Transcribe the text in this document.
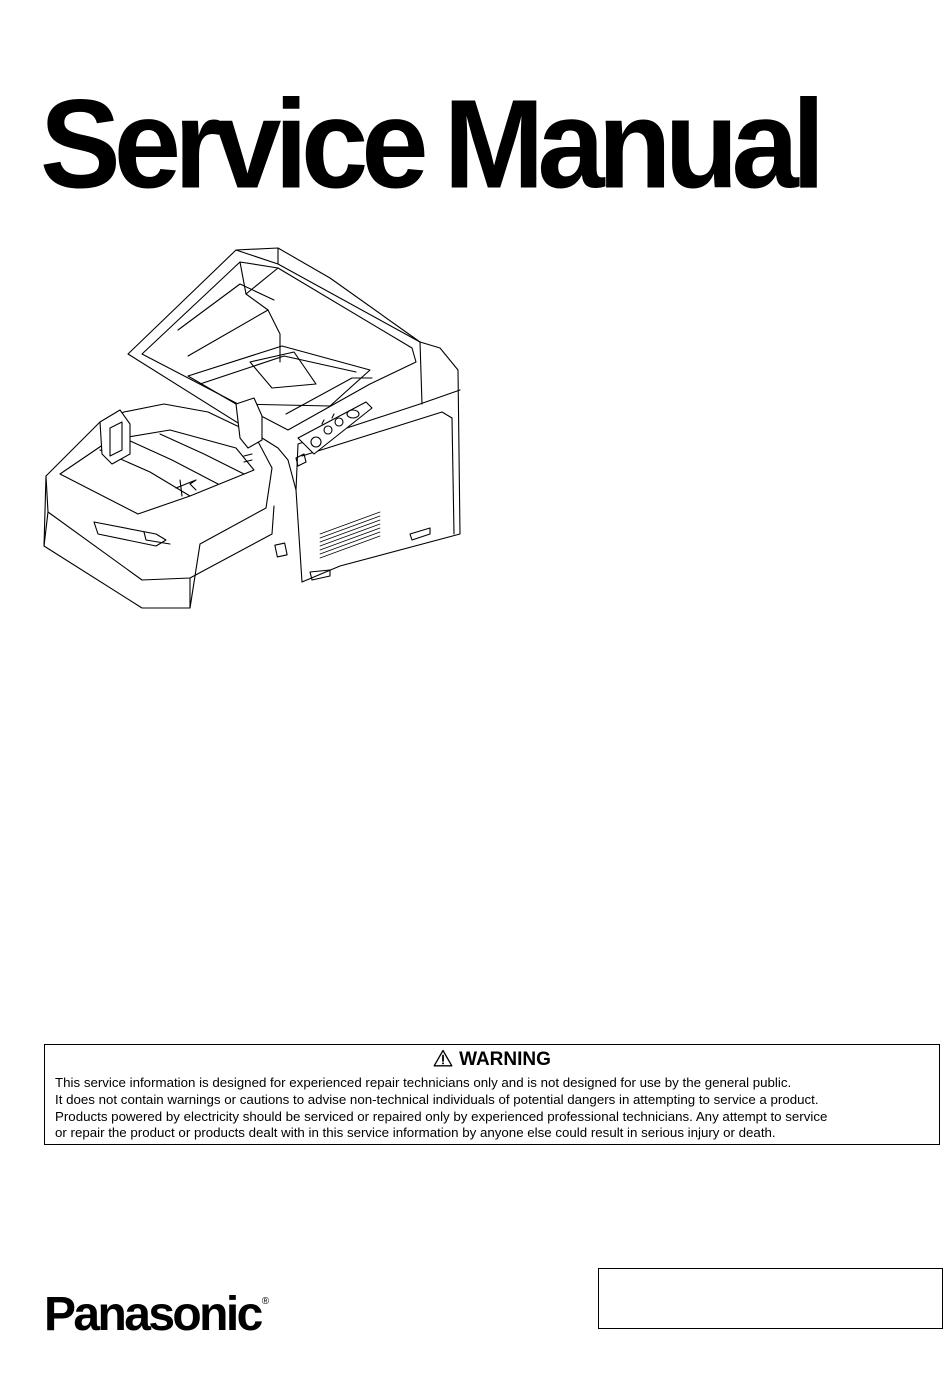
Service Manual
WARNING
This service information is designed for experienced repair technicians only and is not designed for use by the general public.
It does not contain warnings or cautions to advise non-technical individuals of potential dangers in attempting to service a product.
Products powered by electricity should be serviced or repaired only by experienced professional technicians. Any attempt to service
or repair the product or products dealt with in this service information by anyone else could result in serious injury or death.
Panasonic®
